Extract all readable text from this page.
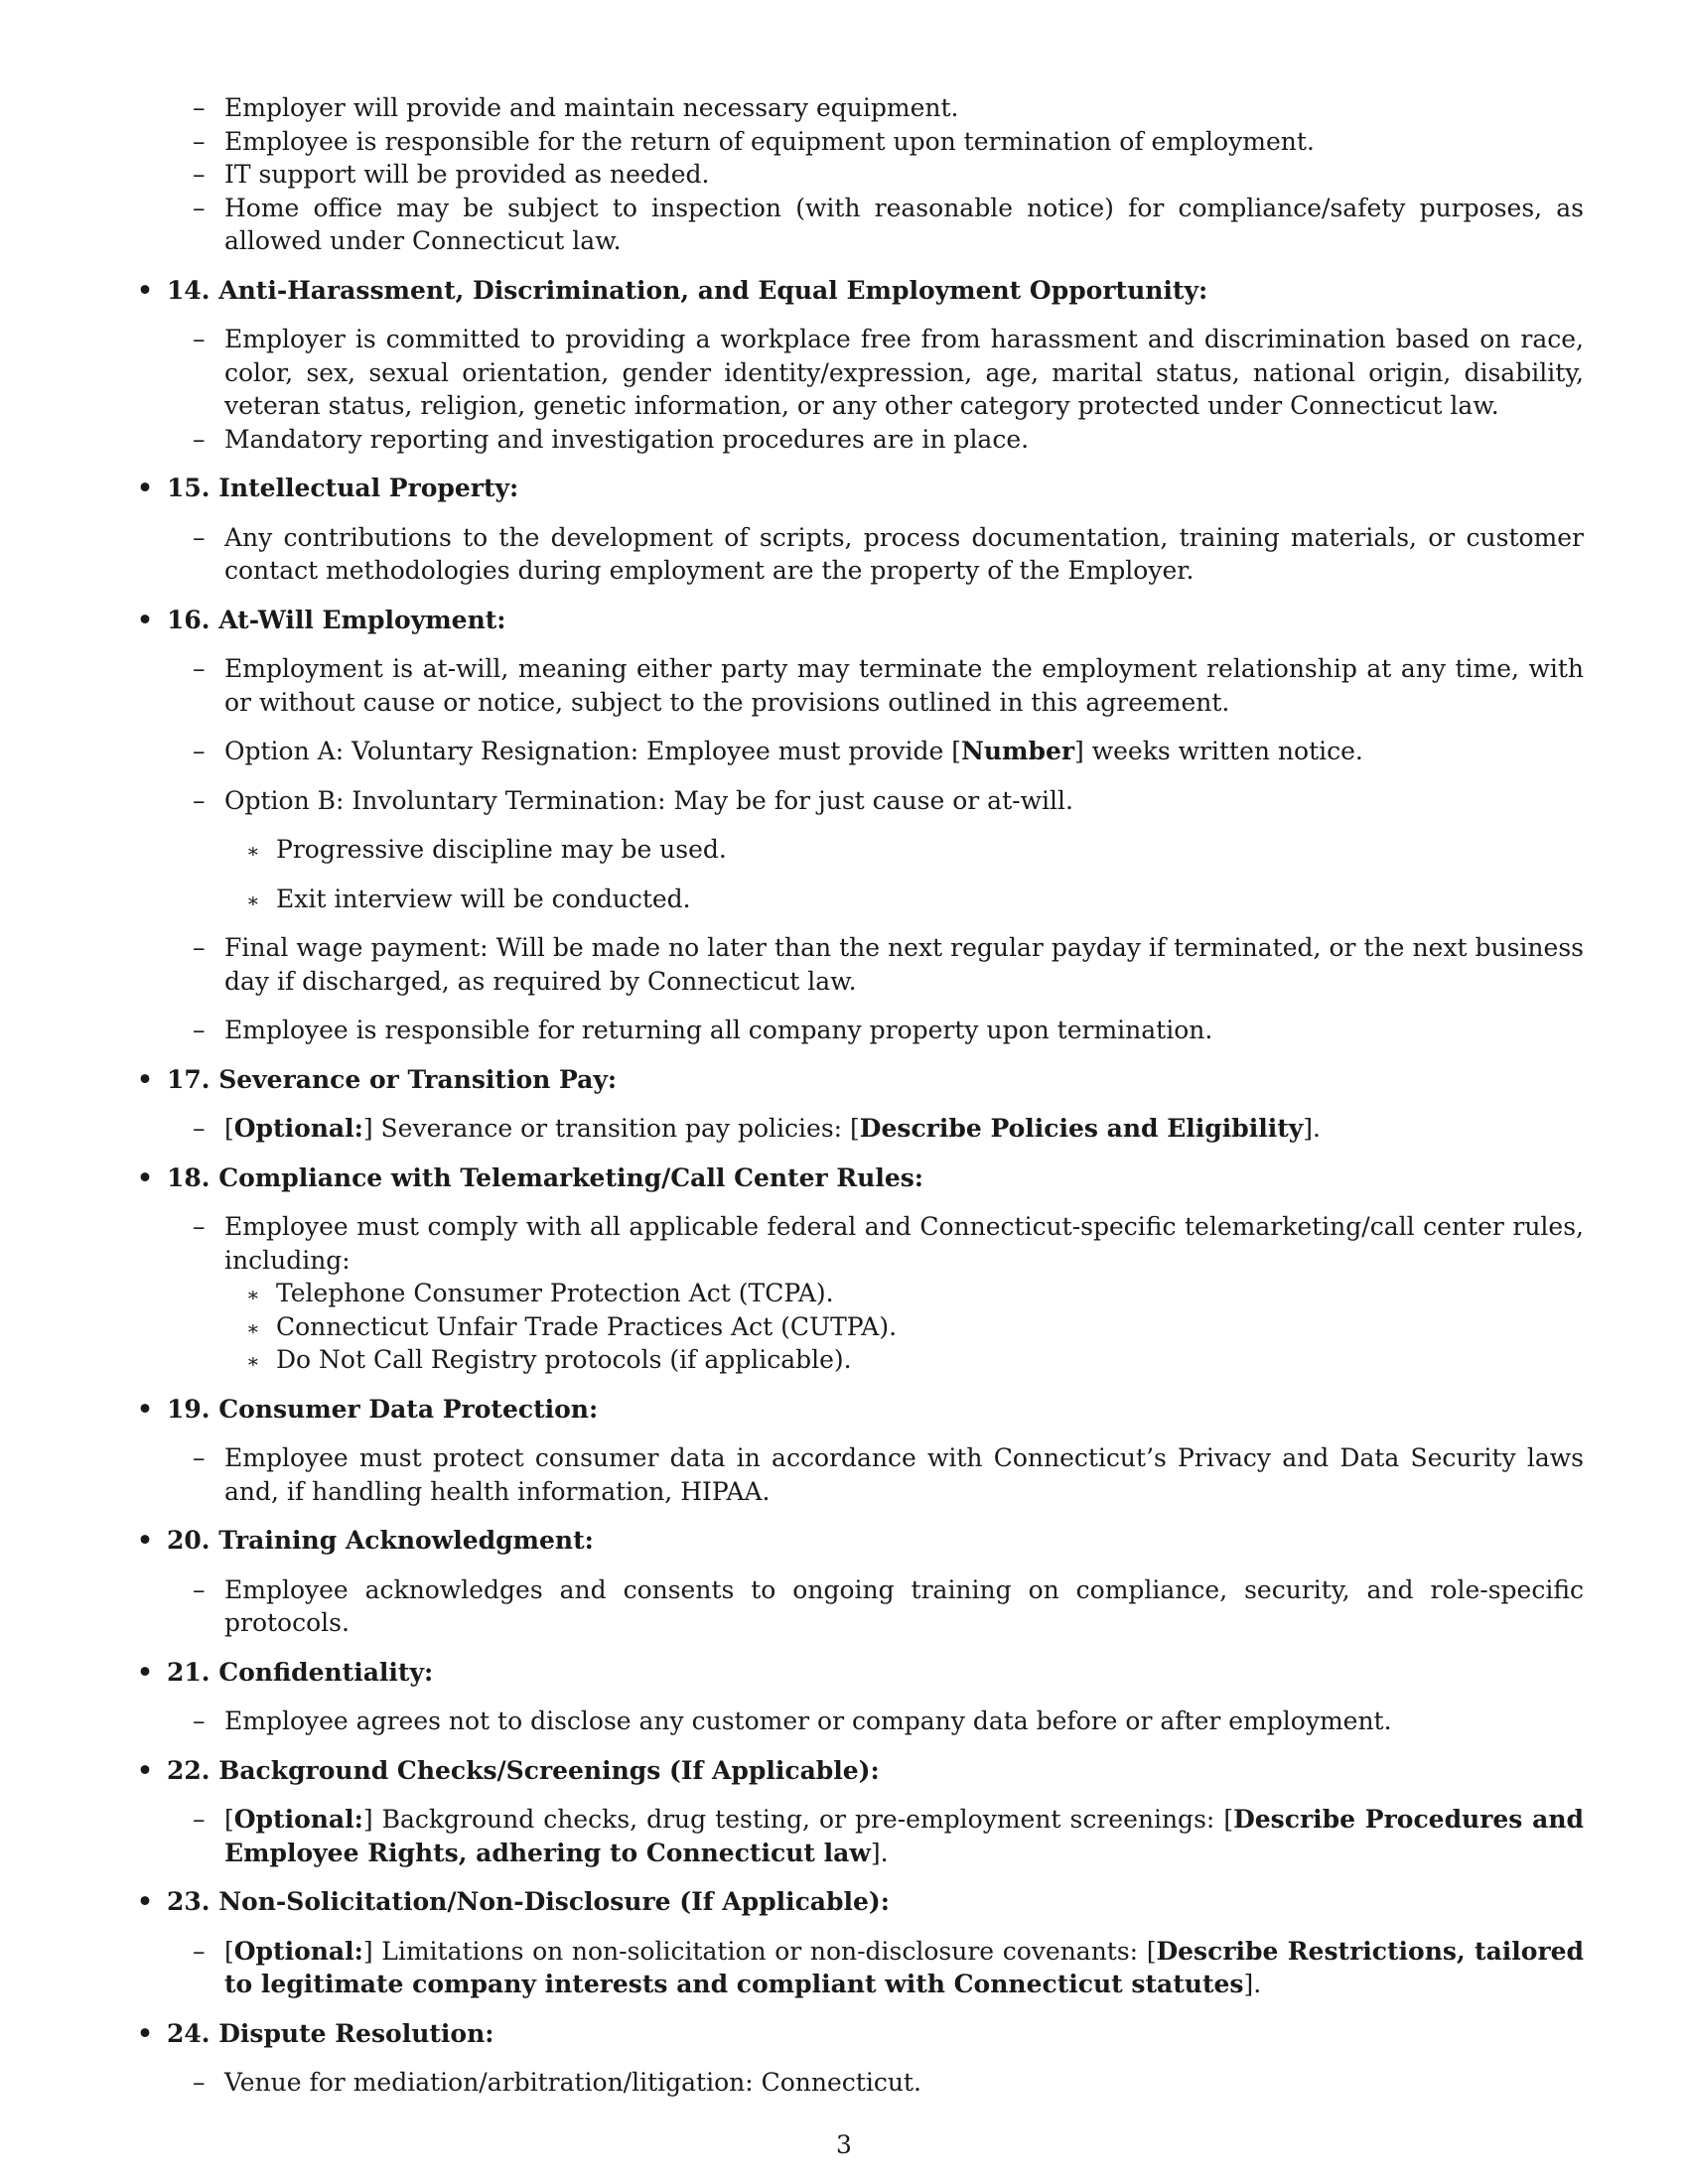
– Employer will provide and maintain necessary equipment.
– Employee is responsible for the return of equipment upon termination of employment.
– IT support will be provided as needed.
– Home office may be subject to inspection (with reasonable notice) for compliance/safety purposes, as allowed under Connecticut law.
• 14. Anti-Harassment, Discrimination, and Equal Employment Opportunity:
– Employer is committed to providing a workplace free from harassment and discrimination based on race, color, sex, sexual orientation, gender identity/expression, age, marital status, national origin, disability, veteran status, religion, genetic information, or any other category protected under Connecticut law.
– Mandatory reporting and investigation procedures are in place.
• 15. Intellectual Property:
– Any contributions to the development of scripts, process documentation, training materials, or customer contact methodologies during employment are the property of the Employer.
• 16. At-Will Employment:
– Employment is at-will, meaning either party may terminate the employment relationship at any time, with or without cause or notice, subject to the provisions outlined in this agreement.
– Option A: Voluntary Resignation: Employee must provide [Number] weeks written notice.
– Option B: Involuntary Termination: May be for just cause or at-will.
∗ Progressive discipline may be used.
∗ Exit interview will be conducted.
– Final wage payment: Will be made no later than the next regular payday if terminated, or the next business day if discharged, as required by Connecticut law.
– Employee is responsible for returning all company property upon termination.
• 17. Severance or Transition Pay:
– [Optional:] Severance or transition pay policies: [Describe Policies and Eligibility].
• 18. Compliance with Telemarketing/Call Center Rules:
– Employee must comply with all applicable federal and Connecticut-specific telemarketing/call center rules, including:
∗ Telephone Consumer Protection Act (TCPA).
∗ Connecticut Unfair Trade Practices Act (CUTPA).
∗ Do Not Call Registry protocols (if applicable).
• 19. Consumer Data Protection:
– Employee must protect consumer data in accordance with Connecticut’s Privacy and Data Security laws and, if handling health information, HIPAA.
• 20. Training Acknowledgment:
– Employee acknowledges and consents to ongoing training on compliance, security, and role-specific protocols.
• 21. Confidentiality:
– Employee agrees not to disclose any customer or company data before or after employment.
• 22. Background Checks/Screenings (If Applicable):
– [Optional:] Background checks, drug testing, or pre-employment screenings: [Describe Procedures and Employee Rights, adhering to Connecticut law].
• 23. Non-Solicitation/Non-Disclosure (If Applicable):
– [Optional:] Limitations on non-solicitation or non-disclosure covenants: [Describe Restrictions, tailored to legitimate company interests and compliant with Connecticut statutes].
• 24. Dispute Resolution:
– Venue for mediation/arbitration/litigation: Connecticut.
3
